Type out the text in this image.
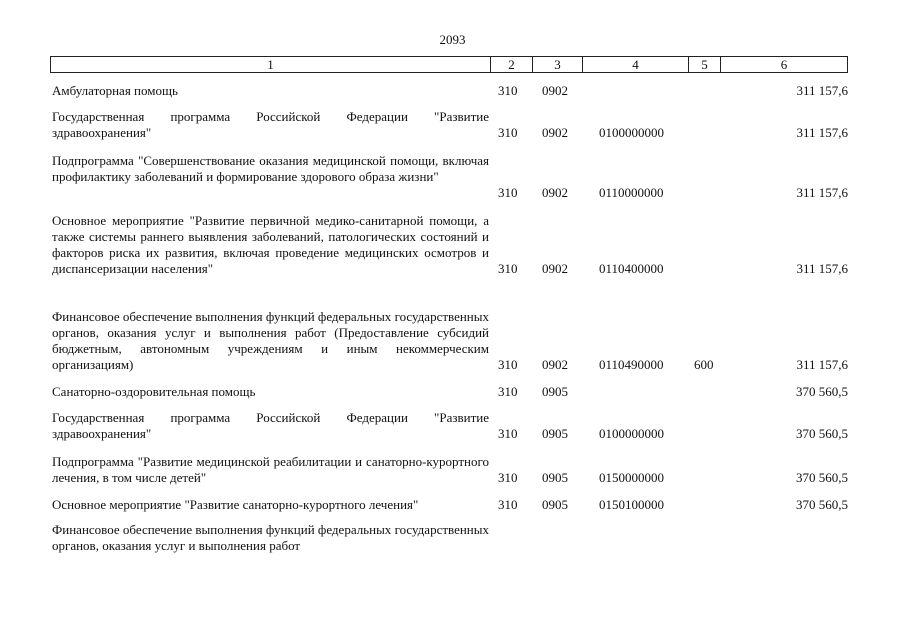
2093
1	2	3	4	5	6
Амбулаторная помощь	310 0902	311 157,6
Государственная программа Российской Федерации "Развитие здравоохранения"	310 0902 0100000000	311 157,6
Подпрограмма "Совершенствование оказания медицинской помощи, включая профилактику заболеваний и формирование здорового образа жизни"
310 0902 0110000000	311 157,6
Основное мероприятие "Развитие первичной медико-санитарной помощи, а также системы раннего выявления заболеваний, патологических состояний и факторов риска их развития, включая проведение медицинских осмотров и диспансеризации населения"	310 0902 0110400000	311 157,6
Финансовое обеспечение выполнения функций федеральных государственных органов, оказания услуг и выполнения работ (Предоставление субсидий бюджетным, автономным учреждениям и иным некоммерческим организациям)	310 0902 0110490000 600	311 157,6
Санаторно-оздоровительная помощь	310 0905	370 560,5
Государственная программа Российской Федерации "Развитие здравоохранения"	310 0905 0100000000	370 560,5
Подпрограмма "Развитие медицинской реабилитации и санаторно-курортного лечения, в том числе детей"	310 0905 0150000000	370 560,5
Основное мероприятие "Развитие санаторно-курортного лечения"	310 0905 0150100000	370 560,5
Финансовое обеспечение выполнения функций федеральных государственных органов, оказания услуг и выполнения работ
